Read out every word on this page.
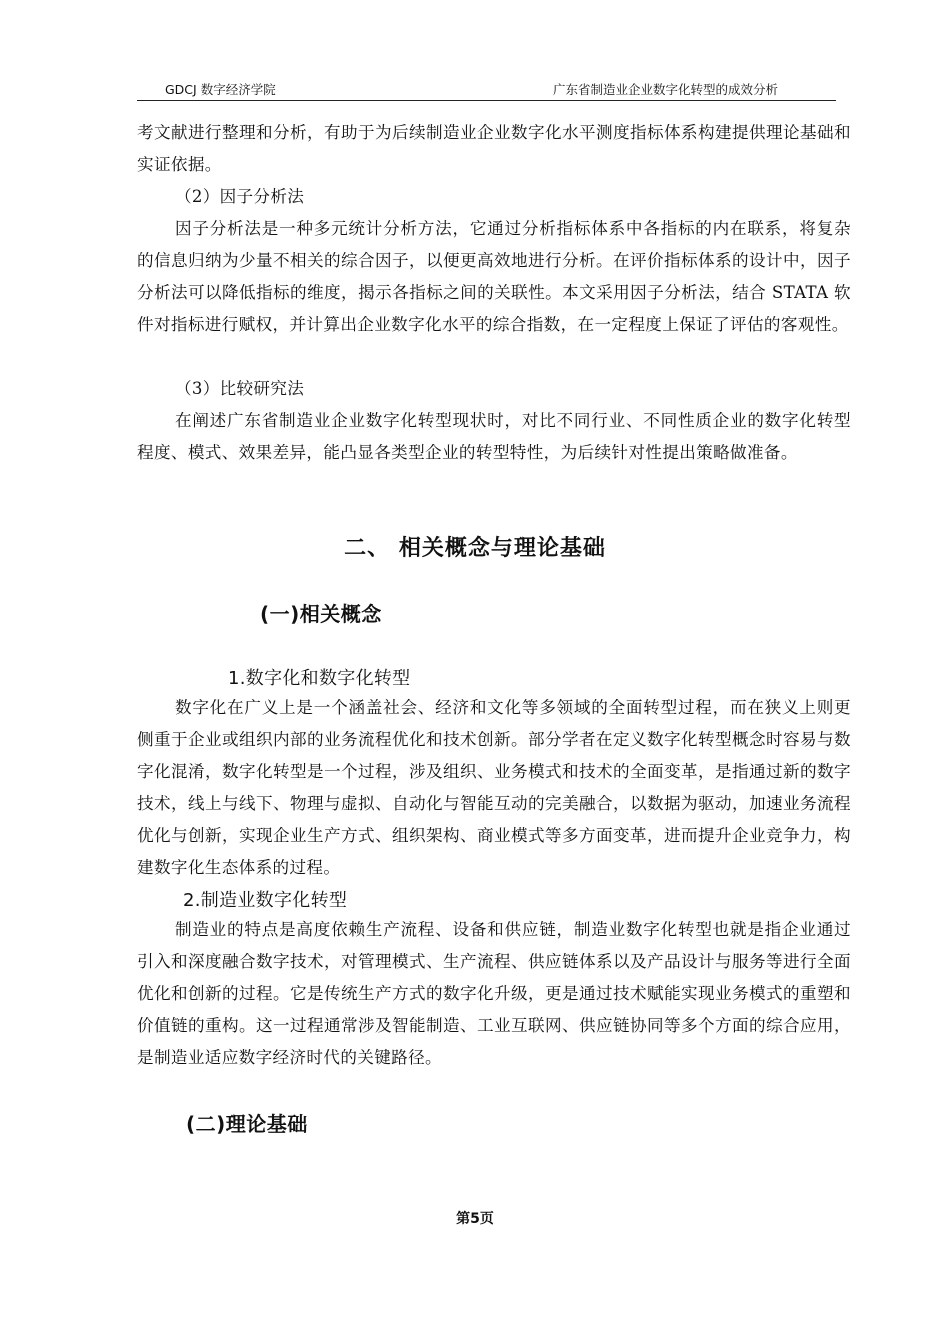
GDCJ 数字经济学院	广东省制造业企业数字化转型的成效分析

考文献进行整理和分析，有助于为后续制造业企业数字化水平测度指标体系构建提供理论基础和实证依据。

（2）因子分析法

因子分析法是一种多元统计分析方法，它通过分析指标体系中各指标的内在联系，将复杂的信息归纳为少量不相关的综合因子，以便更高效地进行分析。在评价指标体系的设计中，因子分析法可以降低指标的维度，揭示各指标之间的关联性。本文采用因子分析法，结合 STATA 软件对指标进行赋权，并计算出企业数字化水平的综合指数，在一定程度上保证了评估的客观性。

（3）比较研究法

在阐述广东省制造业企业数字化转型现状时，对比不同行业、不同性质企业的数字化转型程度、模式、效果差异，能凸显各类型企业的转型特性，为后续针对性提出策略做准备。

二、 相关概念与理论基础
(一)相关概念
1.数字化和数字化转型

数字化在广义上是一个涵盖社会、经济和文化等多领域的全面转型过程，而在狭义上则更侧重于企业或组织内部的业务流程优化和技术创新。部分学者在定义数字化转型概念时容易与数字化混淆，数字化转型是一个过程，涉及组织、业务模式和技术的全面变革，是指通过新的数字技术，线上与线下、物理与虚拟、自动化与智能互动的完美融合，以数据为驱动，加速业务流程优化与创新，实现企业生产方式、组织架构、商业模式等多方面变革，进而提升企业竞争力，构建数字化生态体系的过程。

2.制造业数字化转型

制造业的特点是高度依赖生产流程、设备和供应链，制造业数字化转型也就是指企业通过引入和深度融合数字技术，对管理模式、生产流程、供应链体系以及产品设计与服务等进行全面优化和创新的过程。它是传统生产方式的数字化升级，更是通过技术赋能实现业务模式的重塑和价值链的重构。这一过程通常涉及智能制造、工业互联网、供应链协同等多个方面的综合应用，是制造业适应数字经济时代的关键路径。

(二)理论基础
第5页
